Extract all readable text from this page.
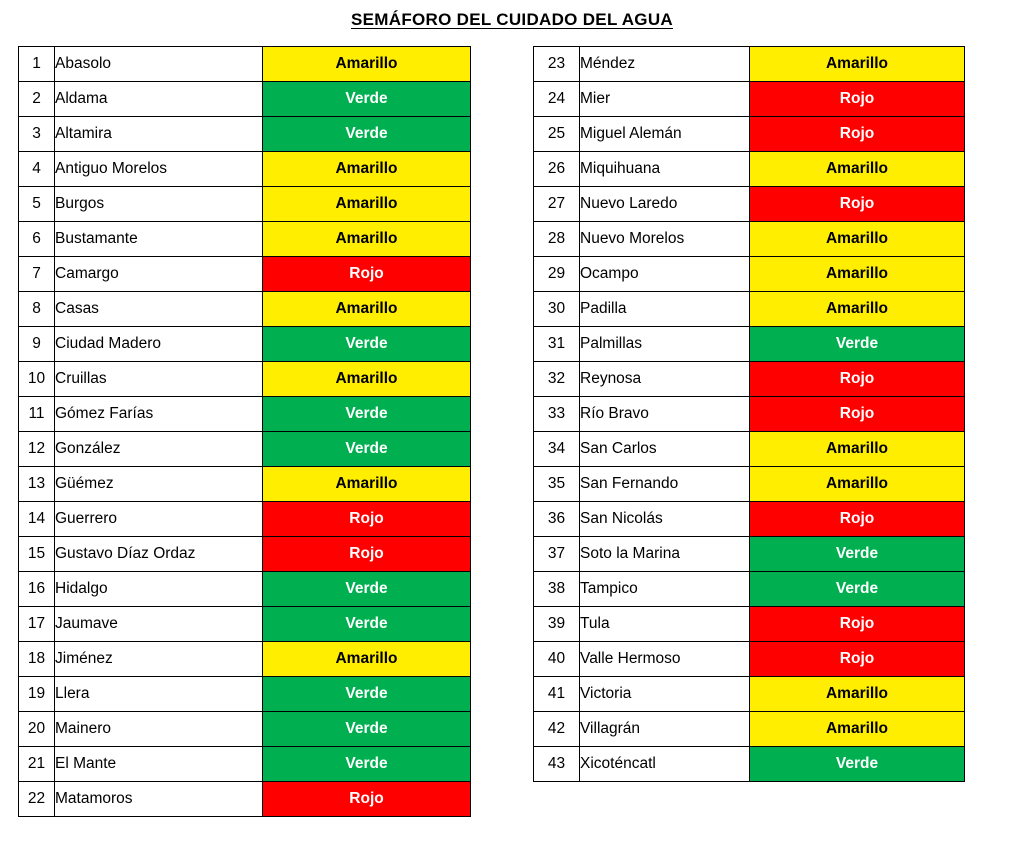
SEMÁFORO DEL CUIDADO DEL AGUA
1	Abasolo	Amarillo
2	Aldama	Verde
3	Altamira	Verde
4	Antiguo Morelos	Amarillo
5	Burgos	Amarillo
6	Bustamante	Amarillo
7	Camargo	Rojo
8	Casas	Amarillo
9	Ciudad Madero	Verde
10	Cruillas	Amarillo
11	Gómez Farías	Verde
12	González	Verde
13	Güémez	Amarillo
14	Guerrero	Rojo
15	Gustavo Díaz Ordaz	Rojo
16	Hidalgo	Verde
17	Jaumave	Verde
18	Jiménez	Amarillo
19	Llera	Verde
20	Mainero	Verde
21	El Mante	Verde
22	Matamoros	Rojo
23	Méndez	Amarillo
24	Mier	Rojo
25	Miguel Alemán	Rojo
26	Miquihuana	Amarillo
27	Nuevo Laredo	Rojo
28	Nuevo Morelos	Amarillo
29	Ocampo	Amarillo
30	Padilla	Amarillo
31	Palmillas	Verde
32	Reynosa	Rojo
33	Río Bravo	Rojo
34	San Carlos	Amarillo
35	San Fernando	Amarillo
36	San Nicolás	Rojo
37	Soto la Marina	Verde
38	Tampico	Verde
39	Tula	Rojo
40	Valle Hermoso	Rojo
41	Victoria	Amarillo
42	Villagrán	Amarillo
43	Xicoténcatl	Verde
